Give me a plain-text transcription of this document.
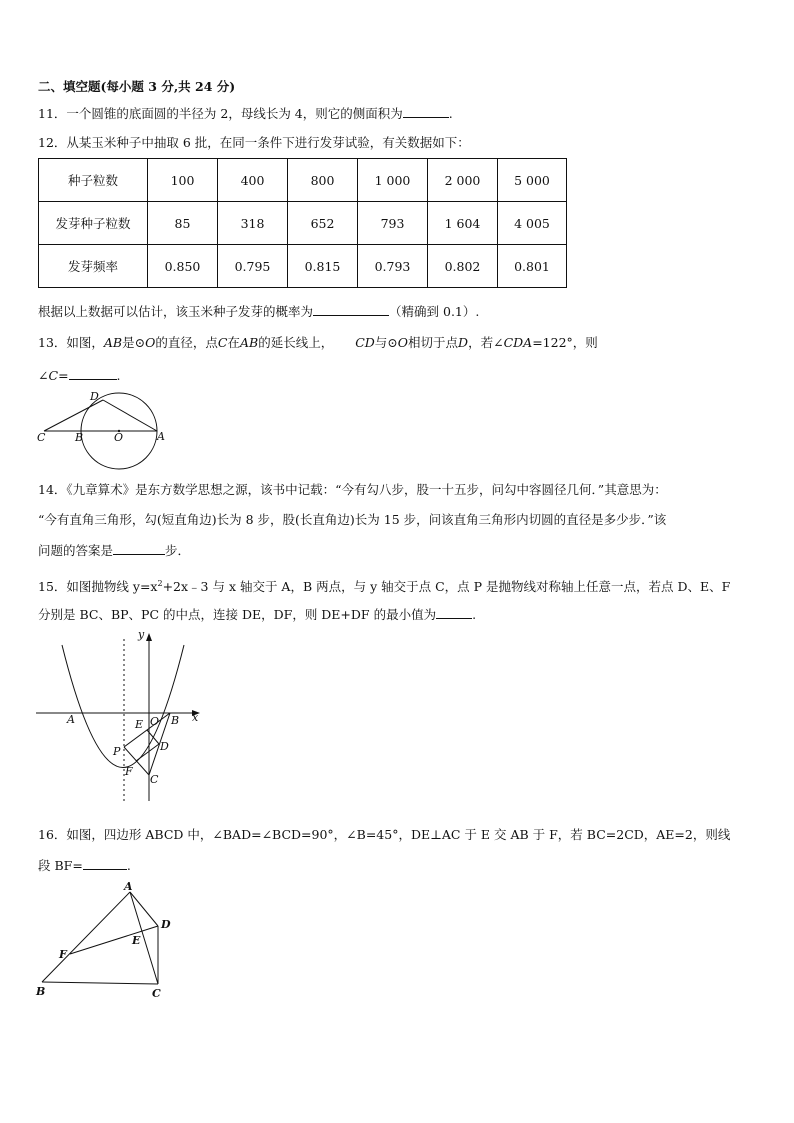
二、填空题(每小题 3 分,共 24 分)
11．一个圆锥的底面圆的半径为 2，母线长为 4，则它的侧面积为	.
12．从某玉米种子中抽取 6 批，在同一条件下进行发芽试验，有关数据如下：
种子粒数	100	400	800	1 000	2 000	5 000
发芽种子粒数	85	318	652	793	1 604	4 005
发芽频率	0.850	0.795	0.815	0.793	0.802	0.801
根据以上数据可以估计，该玉米种子发芽的概率为	（精确到 0.1）.
13．如图，AB是⊙O的直径，点C在AB的延长线上， CD与⊙O相切于点D，若∠CDA=122°，则
∠C=	.
D
C	B	O	A
14．《九章算术》是东方数学思想之源，该书中记载：“今有勾八步，股一十五步，问勾中容圆径几何．”其意思为：
“今有直角三角形，勾(短直角边)长为 8 步，股(长直角边)长为 15 步，问该直角三角形内切圆的直径是多少步．”该
问题的答案是	步．
15．如图抛物线 $y=x^2+2x﹣3$ 与 x 轴交于 A，B 两点，与 y 轴交于点 C，点 P 是抛物线对称轴上任意一点，若点 D、E、F
分别是 BC、BP、PC 的中点，连接 DE，DF，则 DE+DF 的最小值为	.
y
x
A	E O B
P	D
F
C
16．如图，四边形 ABCD 中，∠BAD=∠BCD=90°，∠B=45°，DE⊥AC 于 E 交 AB 于 F，若 BC=2CD，AE=2，则线
段 BF=	.
A
D
E
F
B	C
